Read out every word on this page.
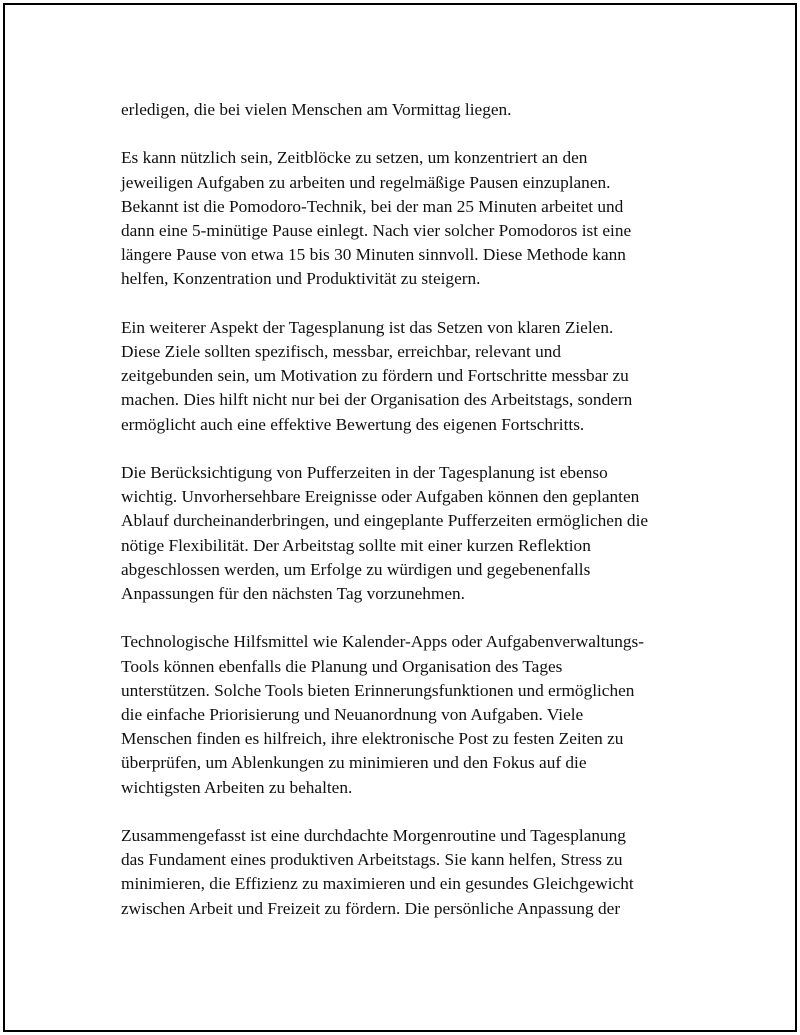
erledigen, die bei vielen Menschen am Vormittag liegen.

Es kann nützlich sein, Zeitblöcke zu setzen, um konzentriert an den
jeweiligen Aufgaben zu arbeiten und regelmäßige Pausen einzuplanen.
Bekannt ist die Pomodoro-Technik, bei der man 25 Minuten arbeitet und
dann eine 5-minütige Pause einlegt. Nach vier solcher Pomodoros ist eine
längere Pause von etwa 15 bis 30 Minuten sinnvoll. Diese Methode kann
helfen, Konzentration und Produktivität zu steigern.

Ein weiterer Aspekt der Tagesplanung ist das Setzen von klaren Zielen.
Diese Ziele sollten spezifisch, messbar, erreichbar, relevant und
zeitgebunden sein, um Motivation zu fördern und Fortschritte messbar zu
machen. Dies hilft nicht nur bei der Organisation des Arbeitstags, sondern
ermöglicht auch eine effektive Bewertung des eigenen Fortschritts.

Die Berücksichtigung von Pufferzeiten in der Tagesplanung ist ebenso
wichtig. Unvorhersehbare Ereignisse oder Aufgaben können den geplanten
Ablauf durcheinanderbringen, und eingeplante Pufferzeiten ermöglichen die
nötige Flexibilität. Der Arbeitstag sollte mit einer kurzen Reflektion
abgeschlossen werden, um Erfolge zu würdigen und gegebenenfalls
Anpassungen für den nächsten Tag vorzunehmen.

Technologische Hilfsmittel wie Kalender-Apps oder Aufgabenverwaltungs-
Tools können ebenfalls die Planung und Organisation des Tages
unterstützen. Solche Tools bieten Erinnerungsfunktionen und ermöglichen
die einfache Priorisierung und Neuanordnung von Aufgaben. Viele
Menschen finden es hilfreich, ihre elektronische Post zu festen Zeiten zu
überprüfen, um Ablenkungen zu minimieren und den Fokus auf die
wichtigsten Arbeiten zu behalten.

Zusammengefasst ist eine durchdachte Morgenroutine und Tagesplanung
das Fundament eines produktiven Arbeitstags. Sie kann helfen, Stress zu
minimieren, die Effizienz zu maximieren und ein gesundes Gleichgewicht
zwischen Arbeit und Freizeit zu fördern. Die persönliche Anpassung der
